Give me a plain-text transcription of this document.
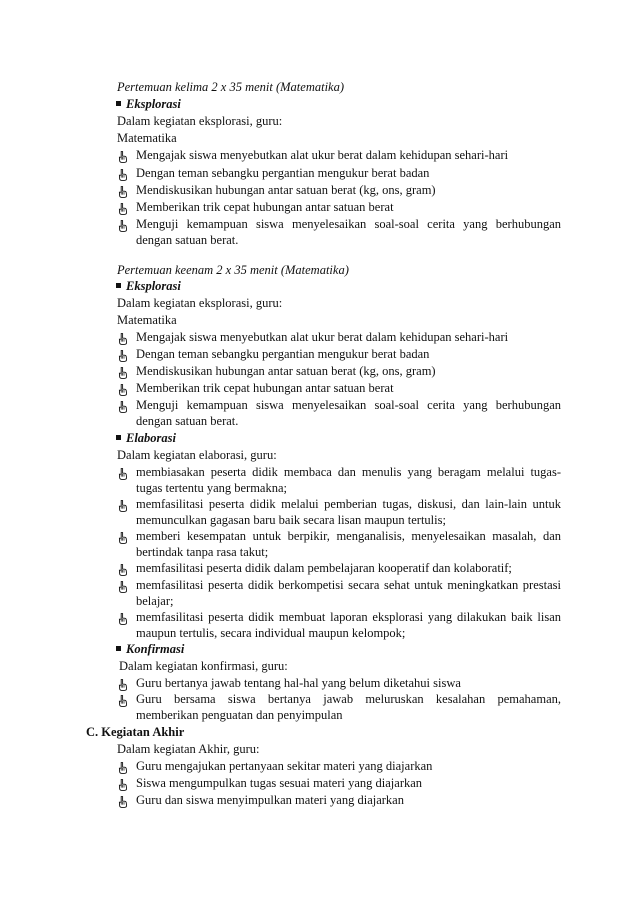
Pertemuan kelima 2 x 35 menit (Matematika)
Eksplorasi
Dalam kegiatan eksplorasi, guru:
Matematika
Mengajak siswa menyebutkan alat ukur berat dalam kehidupan sehari-hari
Dengan teman sebangku pergantian mengukur berat badan
Mendiskusikan hubungan antar satuan berat (kg, ons, gram)
Memberikan trik cepat hubungan antar satuan berat
Menguji kemampuan siswa menyelesaikan soal-soal cerita yang berhubungan
dengan satuan berat.
Pertemuan keenam 2 x 35 menit (Matematika)
Eksplorasi
Dalam kegiatan eksplorasi, guru:
Matematika
Mengajak siswa menyebutkan alat ukur berat dalam kehidupan sehari-hari
Dengan teman sebangku pergantian mengukur berat badan
Mendiskusikan hubungan antar satuan berat (kg, ons, gram)
Memberikan trik cepat hubungan antar satuan berat
Menguji kemampuan siswa menyelesaikan soal-soal cerita yang berhubungan
dengan satuan berat.
Elaborasi
Dalam kegiatan elaborasi, guru:
membiasakan peserta didik membaca dan menulis yang beragam melalui tugas-
tugas tertentu yang bermakna;
memfasilitasi peserta didik melalui pemberian tugas, diskusi, dan lain-lain untuk
memunculkan gagasan baru baik secara lisan maupun tertulis;
memberi kesempatan untuk berpikir, menganalisis, menyelesaikan masalah, dan
bertindak tanpa rasa takut;
memfasilitasi peserta didik dalam pembelajaran kooperatif dan kolaboratif;
memfasilitasi peserta didik berkompetisi secara sehat untuk meningkatkan prestasi
belajar;
memfasilitasi peserta didik membuat laporan eksplorasi yang dilakukan baik lisan
maupun tertulis, secara individual maupun kelompok;
Konfirmasi
Dalam kegiatan konfirmasi, guru:
Guru bertanya jawab tentang hal-hal yang belum diketahui siswa
Guru bersama siswa bertanya jawab meluruskan kesalahan pemahaman,
memberikan penguatan dan penyimpulan
C. Kegiatan Akhir
Dalam kegiatan Akhir, guru:
Guru mengajukan pertanyaan sekitar materi yang diajarkan
Siswa mengumpulkan tugas sesuai materi yang diajarkan
Guru dan siswa menyimpulkan materi yang diajarkan
